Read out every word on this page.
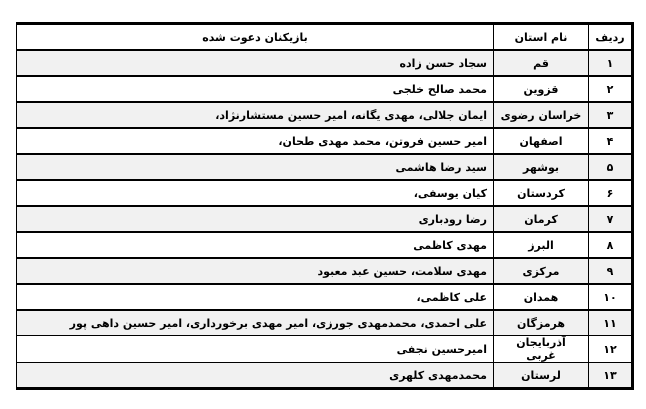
ردیف	نام استان	بازیکنان دعوت شده
۱	قم	سجاد حسن زاده
۲	قزوین	محمد صالح خلجی
۳	خراسان رضوی	ایمان جلالی، مهدی یگانه، امیر حسین مستشارنژاد،
۴	اصفهان	امیر حسین فروتن، محمد مهدی طحان،
۵	بوشهر	سید رضا هاشمی
۶	کردستان	کیان یوسفی،
۷	کرمان	رضا رودباری
۸	البرز	مهدی کاظمی
۹	مرکزی	مهدی سلامت، حسین عبد معبود
۱۰	همدان	علی کاظمی،
۱۱	هرمزگان	علی احمدی، محمدمهدی جورزی، امیر مهدی برخورداری، امیر حسین داهی پور
۱۲	آذربایجان غربی	امیرحسین نجفی
۱۳	لرستان	محمدمهدی کلهری
